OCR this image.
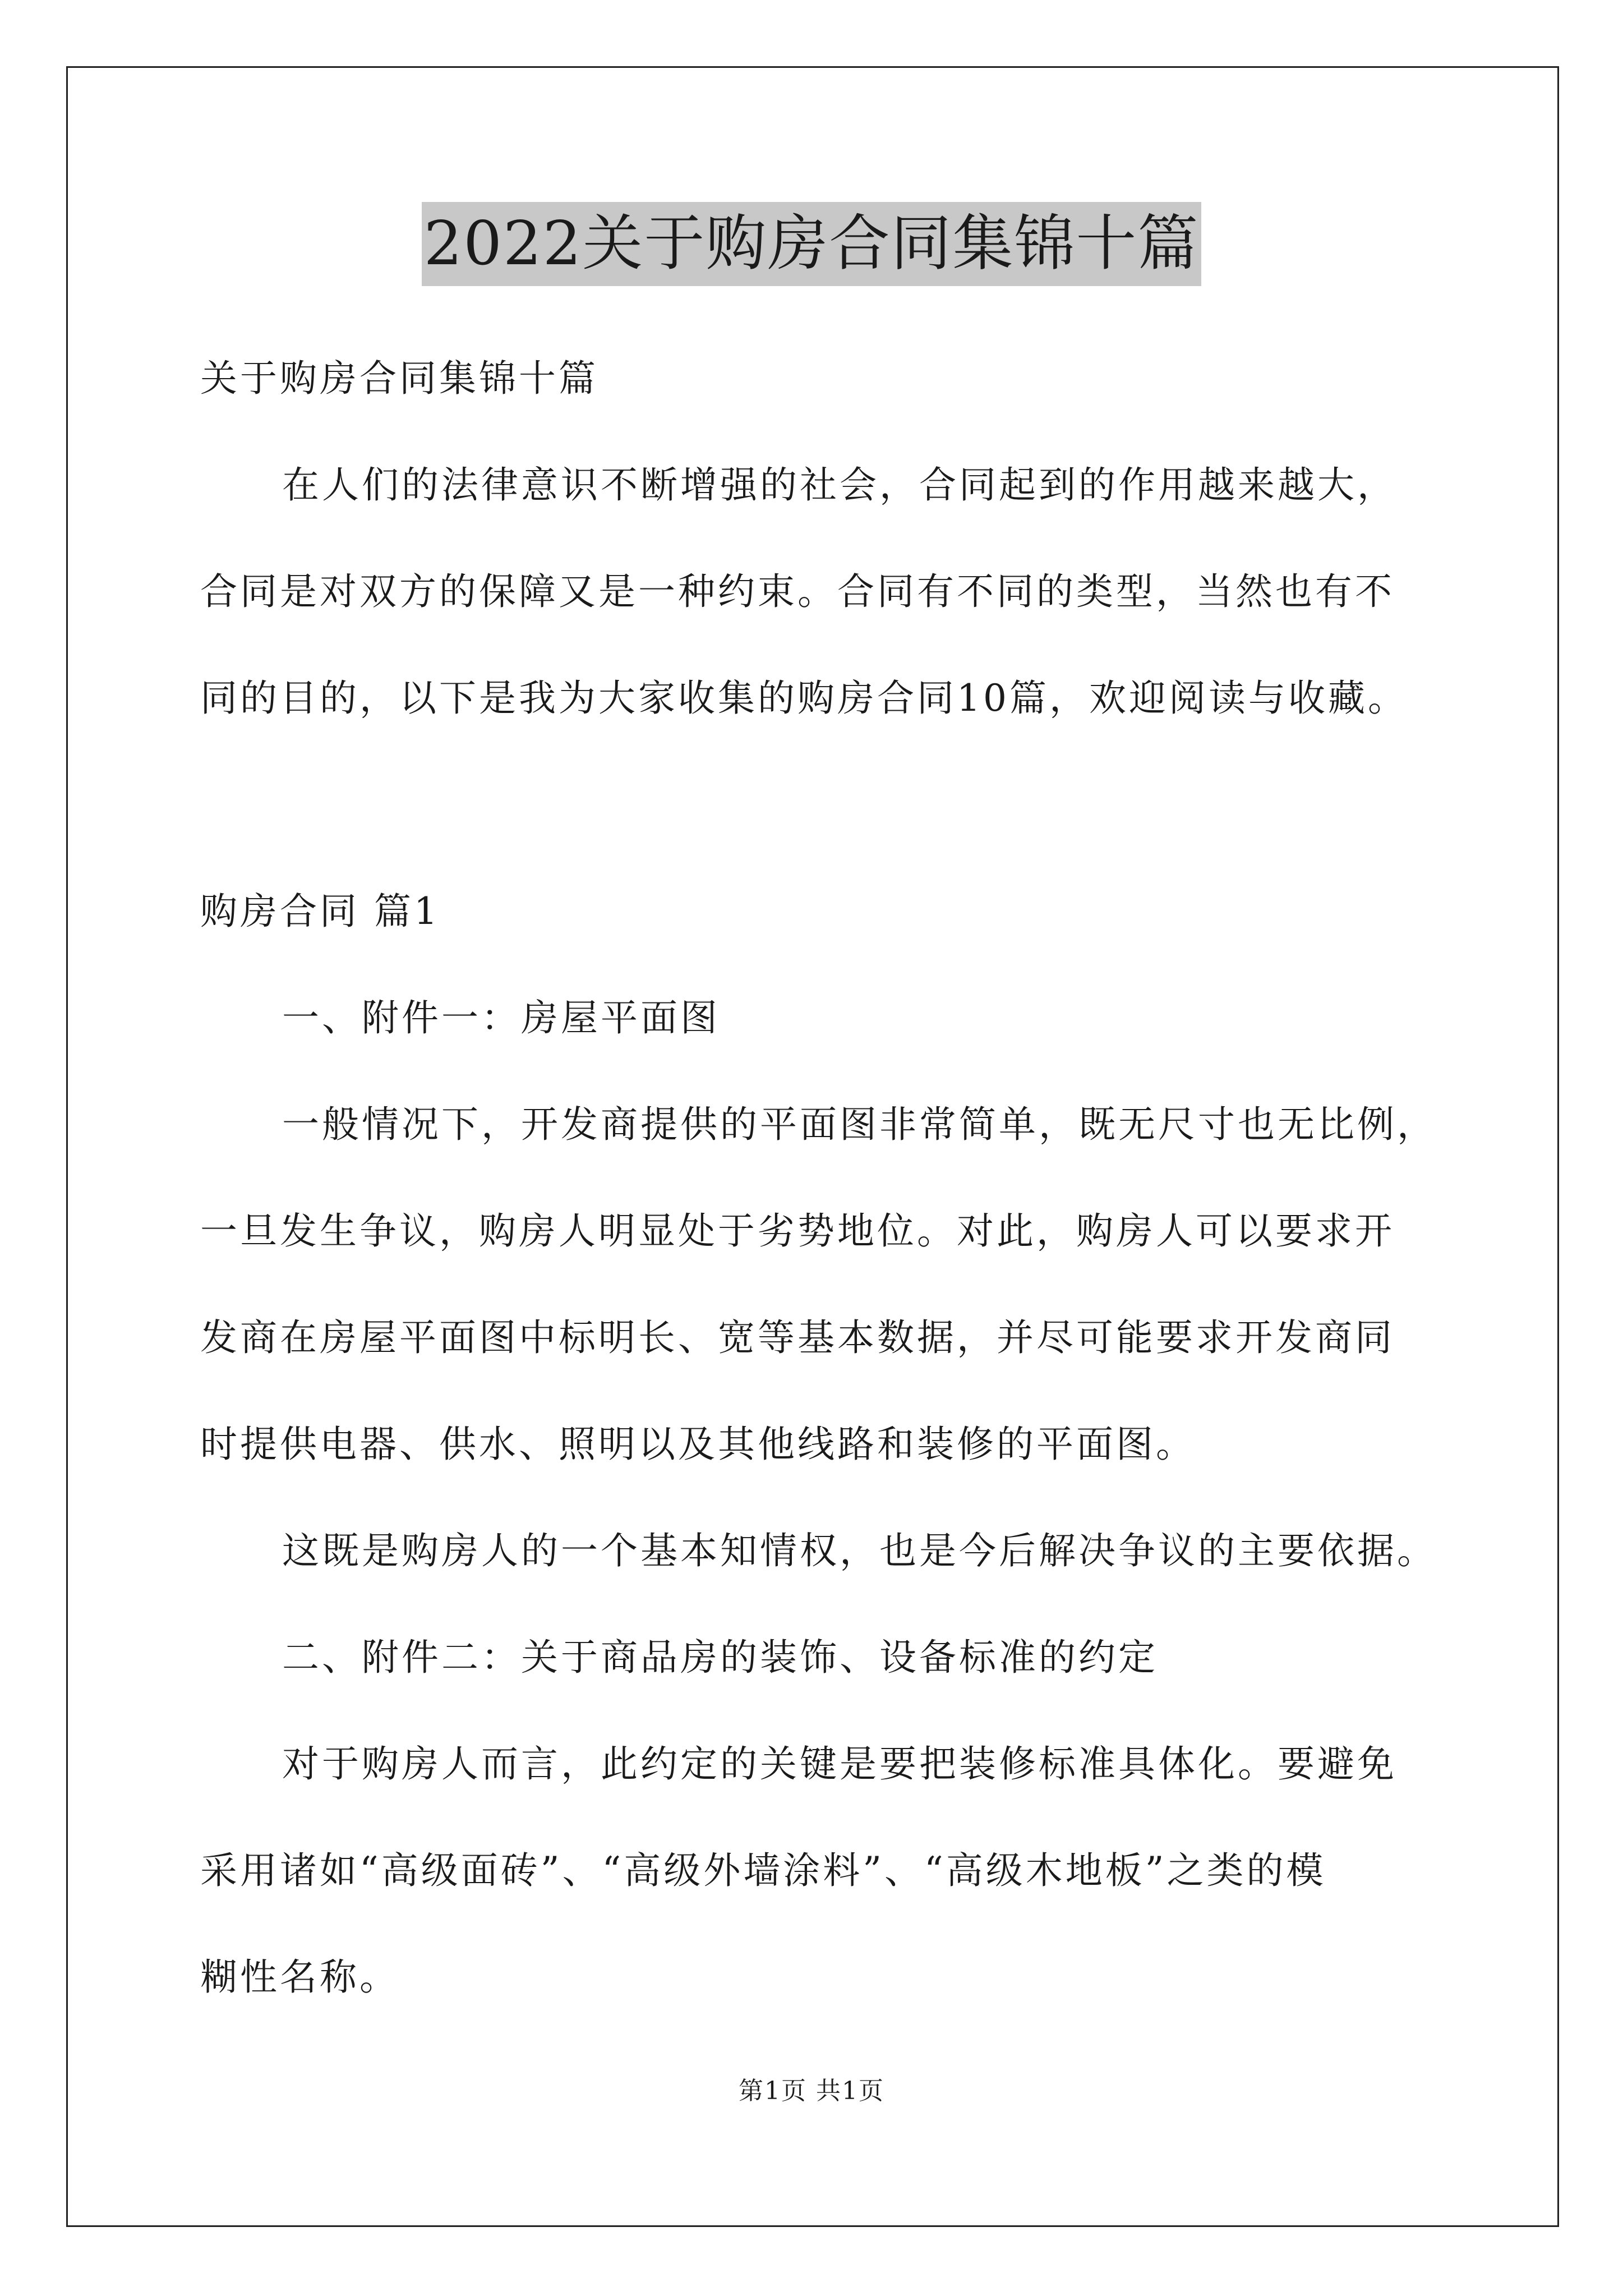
2022关于购房合同集锦十篇
关于购房合同集锦十篇
在人们的法律意识不断增强的社会，合同起到的作用越来越大，
合同是对双方的保障又是一种约束。合同有不同的类型，当然也有不
同的目的，以下是我为大家收集的购房合同10篇，欢迎阅读与收藏。
购房合同 篇1
一、附件一：房屋平面图
一般情况下，开发商提供的平面图非常简单，既无尺寸也无比例，
一旦发生争议，购房人明显处于劣势地位。对此，购房人可以要求开
发商在房屋平面图中标明长、宽等基本数据，并尽可能要求开发商同
时提供电器、供水、照明以及其他线路和装修的平面图。
这既是购房人的一个基本知情权，也是今后解决争议的主要依据。
二、附件二：关于商品房的装饰、设备标准的约定
对于购房人而言，此约定的关键是要把装修标准具体化。要避免
采用诸如“高级面砖”、“高级外墙涂料”、“高级木地板”之类的模
糊性名称。
第1页 共1页
